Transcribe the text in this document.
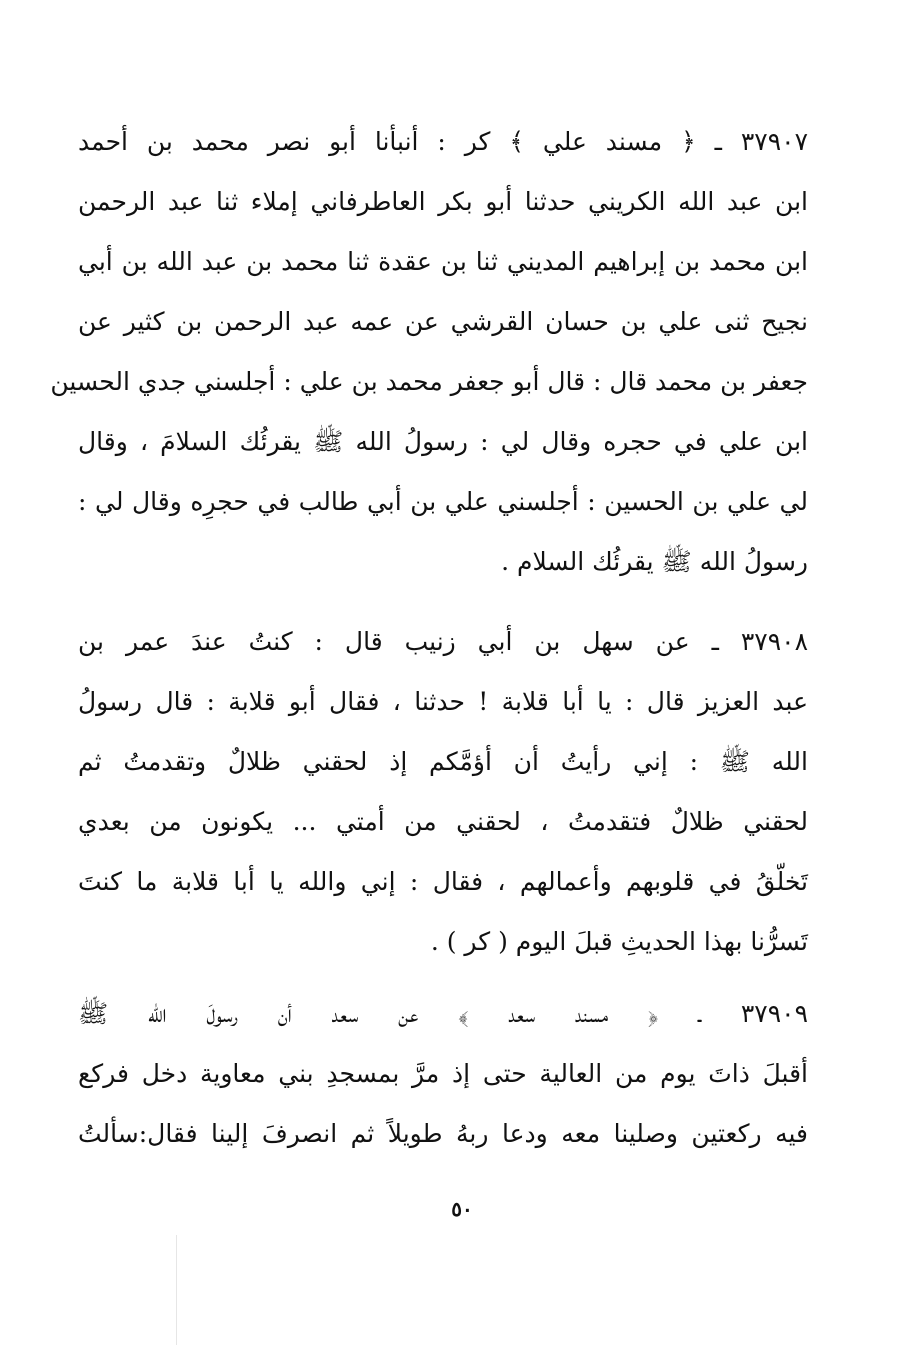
٣٧٩٠٧ ـ ﴿ مسند علي ﴾ كر : أنبأنا أبو نصر محمد بن أحمد
ابن عبد الله الكريني حدثنا أبو بكر العاطرفاني إملاء ثنا عبد الرحمن
ابن محمد بن إبراهيم المديني ثنا بن عقدة ثنا محمد بن عبد الله بن أبي
نجيح ثنى علي بن حسان القرشي عن عمه عبد الرحمن بن كثير عن
جعفر بن محمد قال : قال أبو جعفر محمد بن علي : أجلسني جدي الحسين
ابن علي في حجره وقال لي : رسولُ الله ﷺ يقرئُك السلامَ ، وقال
لي علي بن الحسين : أجلسني علي بن أبي طالب في حجرِه وقال لي :
رسولُ الله ﷺ يقرئُك السلام .
٣٧٩٠٨ ـ عن سهل بن أبي زنيب قال : كنتُ عندَ عمر بن
عبد العزيز قال : يا أبا قلابة ! حدثنا ، فقال أبو قلابة : قال رسولُ
الله ﷺ : إني رأيتُ أن أؤمَّكم إذ لحقني ظلالٌ وتقدمتُ ثم
لحقني ظلالٌ فتقدمتُ ، لحقني من أمتي ... يكونون من بعدي
تَخلّقُ في قلوبهم وأعمالهم ، فقال : إني والله يا أبا قلابة ما كنتَ
تَسرُّنا بهذا الحديثِ قبلَ اليوم ( كر ) .
٣٧٩٠٩ ـ ﴿ مسند سعد ﴾ عن سعد أن رسولَ الله ﷺ
أقبلَ ذاتَ يوم من العالية حتى إذ مرَّ بمسجدِ بني معاوية دخل فركع
فيه ركعتين وصلينا معه ودعا ربهُ طويلاً ثم انصرفَ إلينا فقال:سألتُ
٥٠
